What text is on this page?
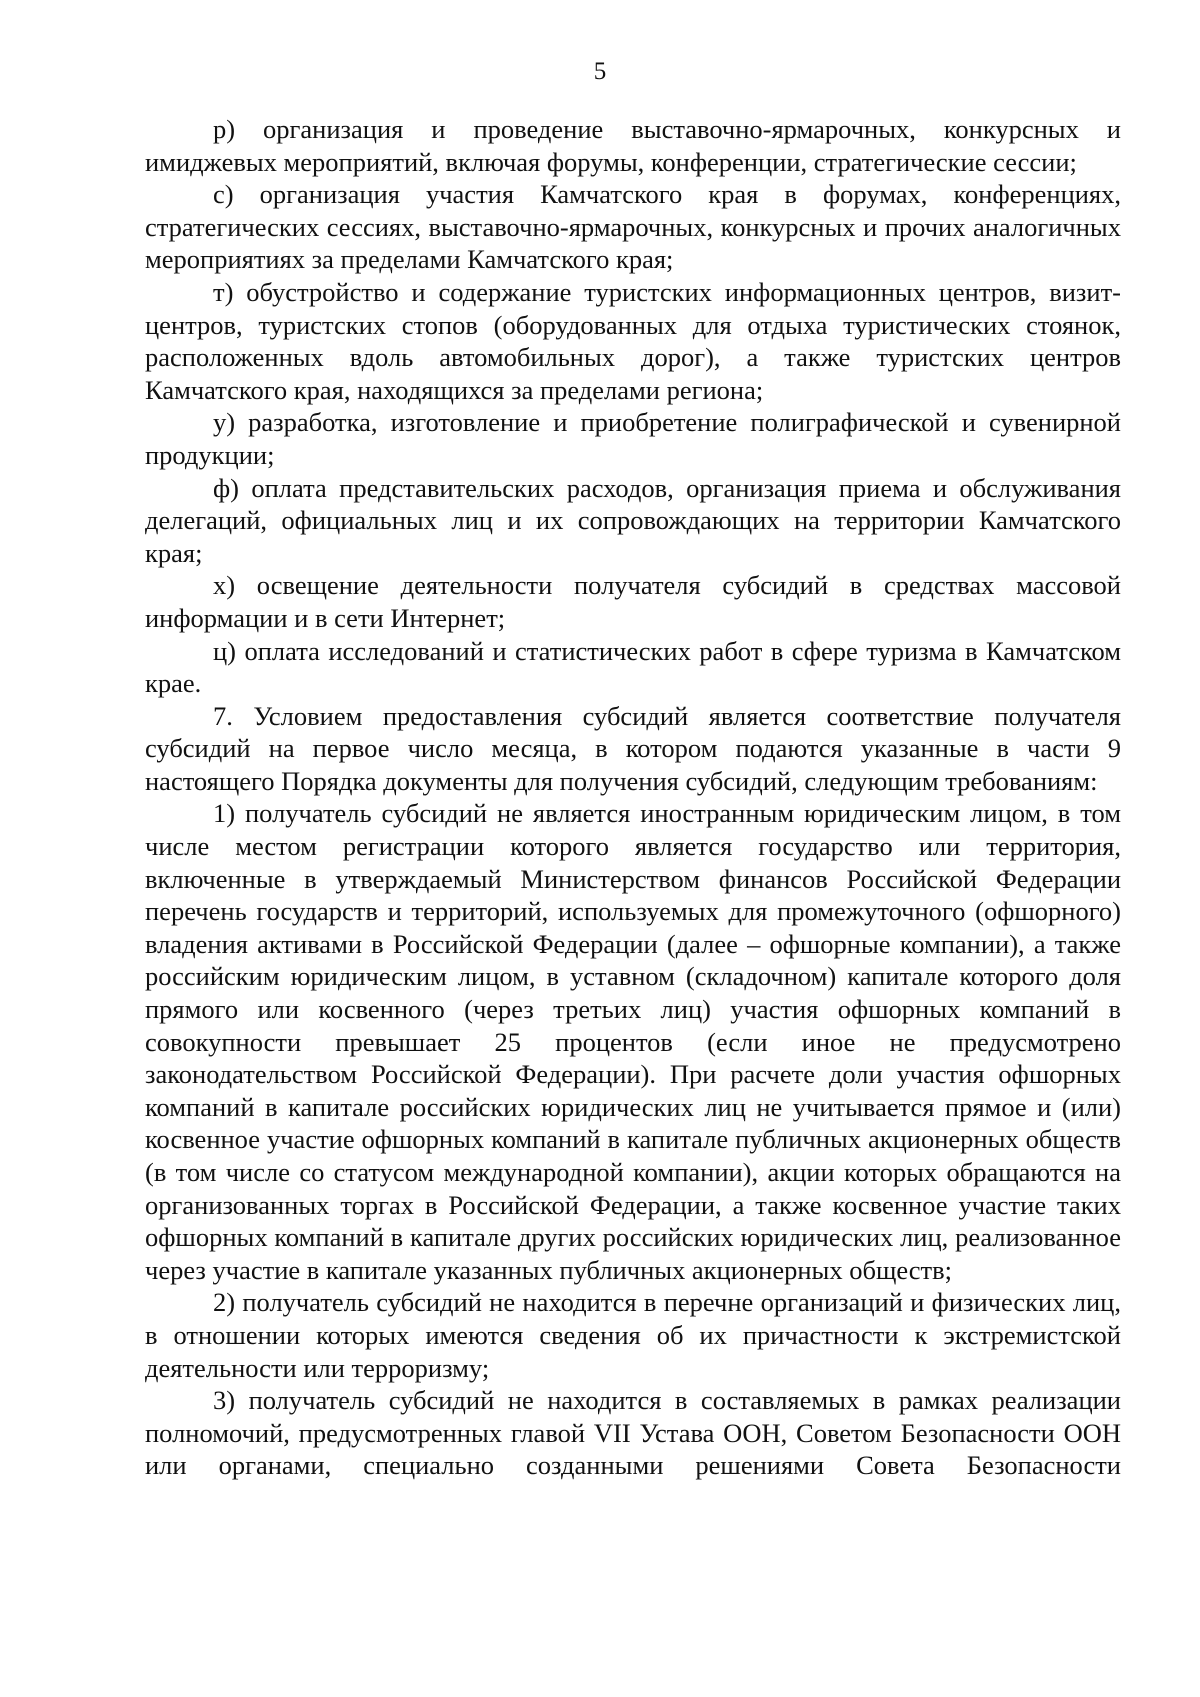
5

р) организация и проведение выставочно-ярмарочных, конкурсных и имиджевых мероприятий, включая форумы, конференции, стратегические сессии;

с) организация участия Камчатского края в форумах, конференциях, стратегических сессиях, выставочно-ярмарочных, конкурсных и прочих аналогичных мероприятиях за пределами Камчатского края;

т) обустройство и содержание туристских информационных центров, визит-центров, туристских стопов (оборудованных для отдыха туристических стоянок, расположенных вдоль автомобильных дорог), а также туристских центров Камчатского края, находящихся за пределами региона;

у) разработка, изготовление и приобретение полиграфической и сувенирной продукции;

ф) оплата представительских расходов, организация приема и обслуживания делегаций, официальных лиц и их сопровождающих на территории Камчатского края;

х) освещение деятельности получателя субсидий в средствах массовой информации и в сети Интернет;

ц) оплата исследований и статистических работ в сфере туризма в Камчатском крае.

7. Условием предоставления субсидий является соответствие получателя субсидий на первое число месяца, в котором подаются указанные в части 9 настоящего Порядка документы для получения субсидий, следующим требованиям:

1) получатель субсидий не является иностранным юридическим лицом, в том числе местом регистрации которого является государство или территория, включенные в утверждаемый Министерством финансов Российской Федерации перечень государств и территорий, используемых для промежуточного (офшорного) владения активами в Российской Федерации (далее – офшорные компании), а также российским юридическим лицом, в уставном (складочном) капитале которого доля прямого или косвенного (через третьих лиц) участия офшорных компаний в совокупности превышает 25 процентов (если иное не предусмотрено законодательством Российской Федерации). При расчете доли участия офшорных компаний в капитале российских юридических лиц не учитывается прямое и (или) косвенное участие офшорных компаний в капитале публичных акционерных обществ (в том числе со статусом международной компании), акции которых обращаются на организованных торгах в Российской Федерации, а также косвенное участие таких офшорных компаний в капитале других российских юридических лиц, реализованное через участие в капитале указанных публичных акционерных обществ;

2) получатель субсидий не находится в перечне организаций и физических лиц, в отношении которых имеются сведения об их причастности к экстремистской деятельности или терроризму;

3) получатель субсидий не находится в составляемых в рамках реализации полномочий, предусмотренных главой VII Устава ООН, Советом Безопасности ООН или органами, специально созданными решениями Совета Безопасности
